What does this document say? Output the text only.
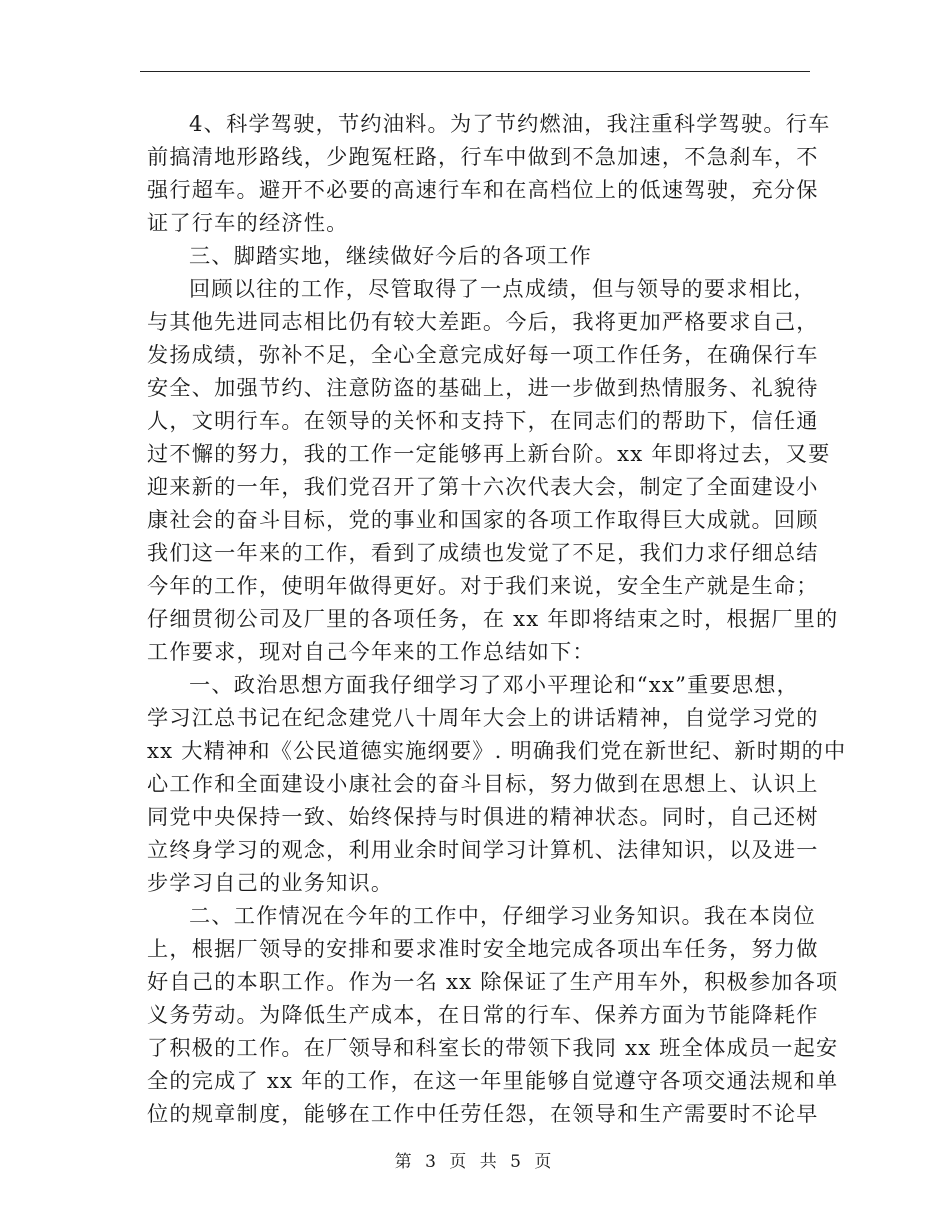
4、科学驾驶，节约油料。为了节约燃油，我注重科学驾驶。行车
前搞清地形路线，少跑冤枉路，行车中做到不急加速，不急刹车，不
强行超车。避开不必要的高速行车和在高档位上的低速驾驶，充分保
证了行车的经济性。
三、脚踏实地，继续做好今后的各项工作
回顾以往的工作，尽管取得了一点成绩，但与领导的要求相比，
与其他先进同志相比仍有较大差距。今后，我将更加严格要求自己，
发扬成绩，弥补不足，全心全意完成好每一项工作任务，在确保行车
安全、加强节约、注意防盗的基础上，进一步做到热情服务、礼貌待
人，文明行车。在领导的关怀和支持下，在同志们的帮助下，信任通
过不懈的努力，我的工作一定能够再上新台阶。xx 年即将过去，又要
迎来新的一年，我们党召开了第十六次代表大会，制定了全面建设小
康社会的奋斗目标，党的事业和国家的各项工作取得巨大成就。回顾
我们这一年来的工作，看到了成绩也发觉了不足，我们力求仔细总结
今年的工作，使明年做得更好。对于我们来说，安全生产就是生命；
仔细贯彻公司及厂里的各项任务，在 xx 年即将结束之时，根据厂里的
工作要求，现对自己今年来的工作总结如下：
一、政治思想方面我仔细学习了邓小平理论和“xx”重要思想，
学习江总书记在纪念建党八十周年大会上的讲话精神，自觉学习党的
xx 大精神和《公民道德实施纲要》. 明确我们党在新世纪、新时期的中
心工作和全面建设小康社会的奋斗目标，努力做到在思想上、认识上
同党中央保持一致、始终保持与时俱进的精神状态。同时，自己还树
立终身学习的观念，利用业余时间学习计算机、法律知识，以及进一
步学习自己的业务知识。
二、工作情况在今年的工作中，仔细学习业务知识。我在本岗位
上，根据厂领导的安排和要求准时安全地完成各项出车任务，努力做
好自己的本职工作。作为一名 xx 除保证了生产用车外，积极参加各项
义务劳动。为降低生产成本，在日常的行车、保养方面为节能降耗作
了积极的工作。在厂领导和科室长的带领下我同 xx 班全体成员一起安
全的完成了 xx 年的工作，在这一年里能够自觉遵守各项交通法规和单
位的规章制度，能够在工作中任劳任怨，在领导和生产需要时不论早
第 3 页 共 5 页
